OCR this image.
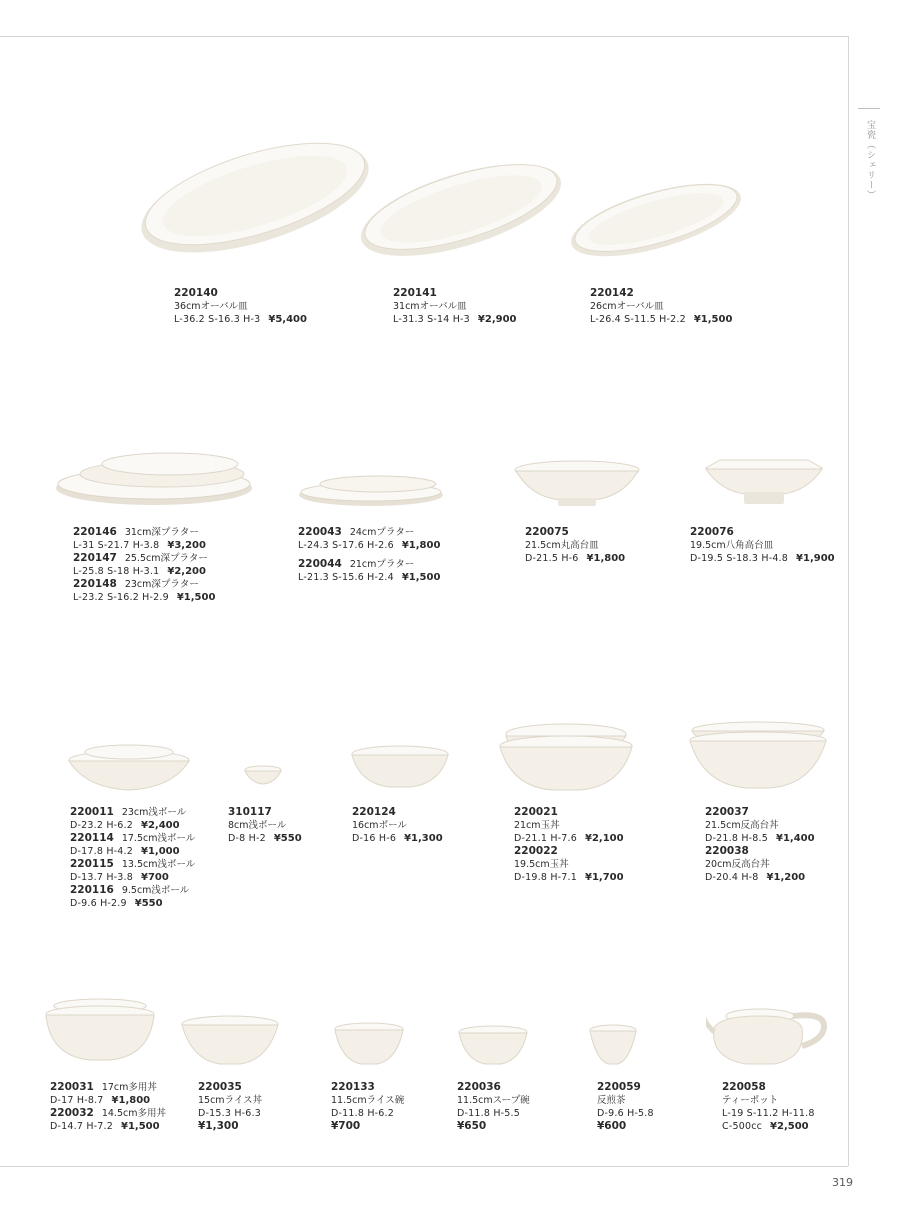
宝瓷（シェリー）
319
220140
36cmオーバル皿
L-36.2 S-16.3 H-3 ¥5,400
220141
31cmオーバル皿
L-31.3 S-14 H-3 ¥2,900
220142
26cmオーバル皿
L-26.4 S-11.5 H-2.2 ¥1,500
220146 31cm深プラター
L-31 S-21.7 H-3.8 ¥3,200
220147 25.5cm深プラター
L-25.8 S-18 H-3.1 ¥2,200
220148 23cm深プラター
L-23.2 S-16.2 H-2.9 ¥1,500
220043 24cmプラター
L-24.3 S-17.6 H-2.6 ¥1,800
220044 21cmプラター
L-21.3 S-15.6 H-2.4 ¥1,500
220075
21.5cm丸高台皿
D-21.5 H-6 ¥1,800
220076
19.5cm八角高台皿
D-19.5 S-18.3 H-4.8 ¥1,900
220011 23cm浅ボール
D-23.2 H-6.2 ¥2,400
220114 17.5cm浅ボール
D-17.8 H-4.2 ¥1,000
220115 13.5cm浅ボール
D-13.7 H-3.8 ¥700
220116 9.5cm浅ボール
D-9.6 H-2.9 ¥550
310117
8cm浅ボール
D-8 H-2 ¥550
220124
16cmボール
D-16 H-6 ¥1,300
220021
21cm玉丼
D-21.1 H-7.6 ¥2,100
220022
19.5cm玉丼
D-19.8 H-7.1 ¥1,700
220037
21.5cm反高台丼
D-21.8 H-8.5 ¥1,400
220038
20cm反高台丼
D-20.4 H-8 ¥1,200
220031 17cm多用丼
D-17 H-8.7 ¥1,800
220032 14.5cm多用丼
D-14.7 H-7.2 ¥1,500
220035
15cmライス丼
D-15.3 H-6.3
¥1,300
220133
11.5cmライス碗
D-11.8 H-6.2
¥700
220036
11.5cmスープ碗
D-11.8 H-5.5
¥650
220059
反煎茶
D-9.6 H-5.8
¥600
220058
ティーポット
L-19 S-11.2 H-11.8
C-500cc ¥2,500
